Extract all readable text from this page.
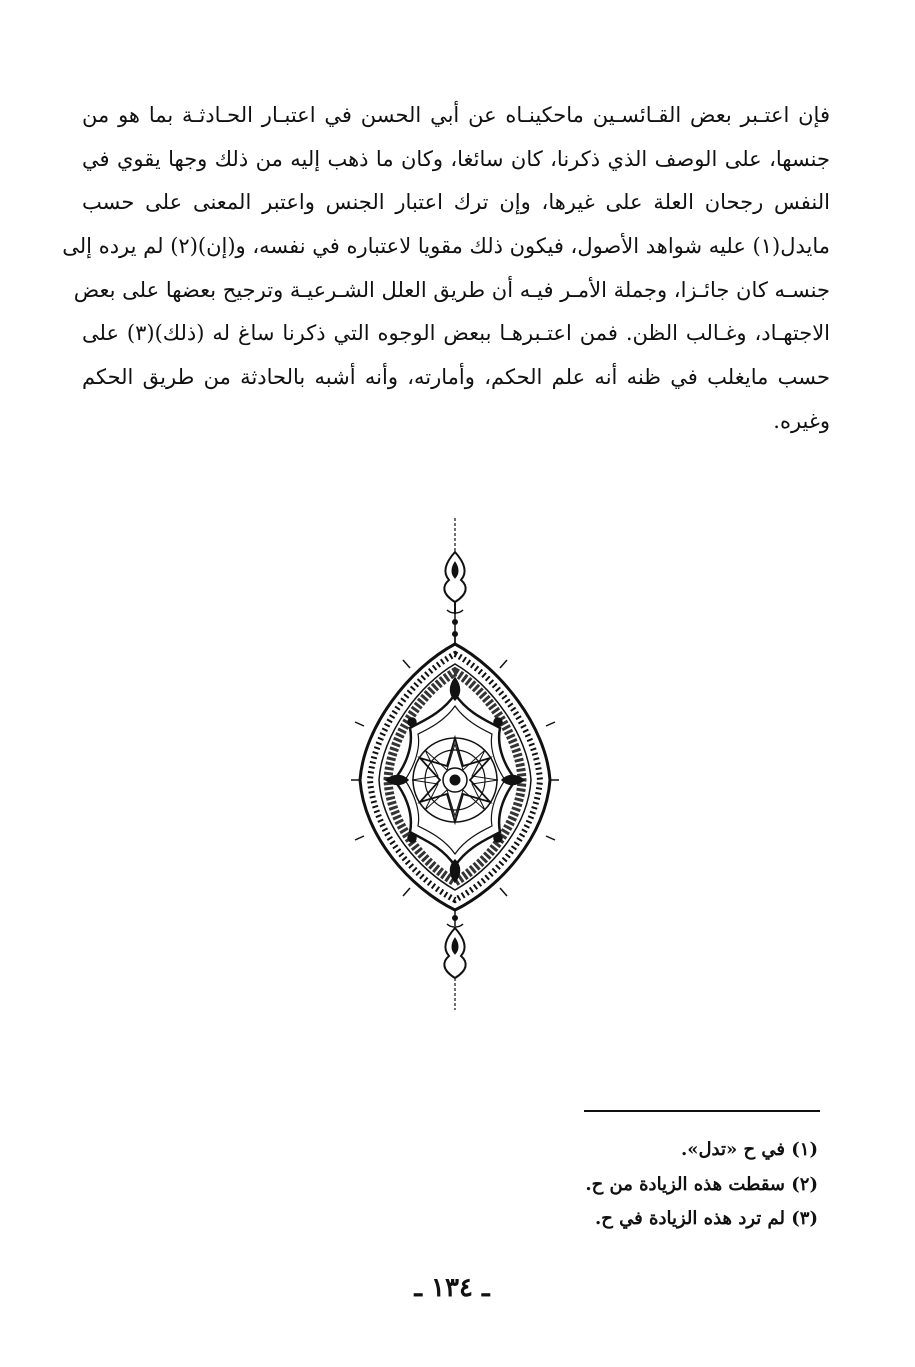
فإن اعتـبر بعض القـائسـين ماحكينـاه عن أبي الحسن في اعتبـار الحـادثـة بما هو من
جنسها، على الوصف الذي ذكرنا، كان سائغا، وكان ما ذهب إليه من ذلك وجها يقوي في
النفس رجحان العلة على غيرها، وإن ترك اعتبار الجنس واعتبر المعنى على حسب
مايدل(١) عليه شواهد الأصول، فيكون ذلك مقويا لاعتباره في نفسه، و(إن)(٢) لم يرده إلى
جنسـه كان جائـزا، وجملة الأمـر فيـه أن طريق العلل الشـرعيـة وترجيح بعضها على بعض
الاجتهـاد، وغـالب الظن. فمن اعتـبرهـا ببعض الوجوه التي ذكرنا ساغ له (ذلك)(٣) على
حسب مايغلب في ظنه أنه علم الحكم، وأمارته، وأنه أشبه بالحادثة من طريق الحكم
وغيره.
(١) في ح «تدل».
(٢) سقطت هذه الزيادة من ح.
(٣) لم ترد هذه الزيادة في ح.
ـ ١٣٤ ـ
